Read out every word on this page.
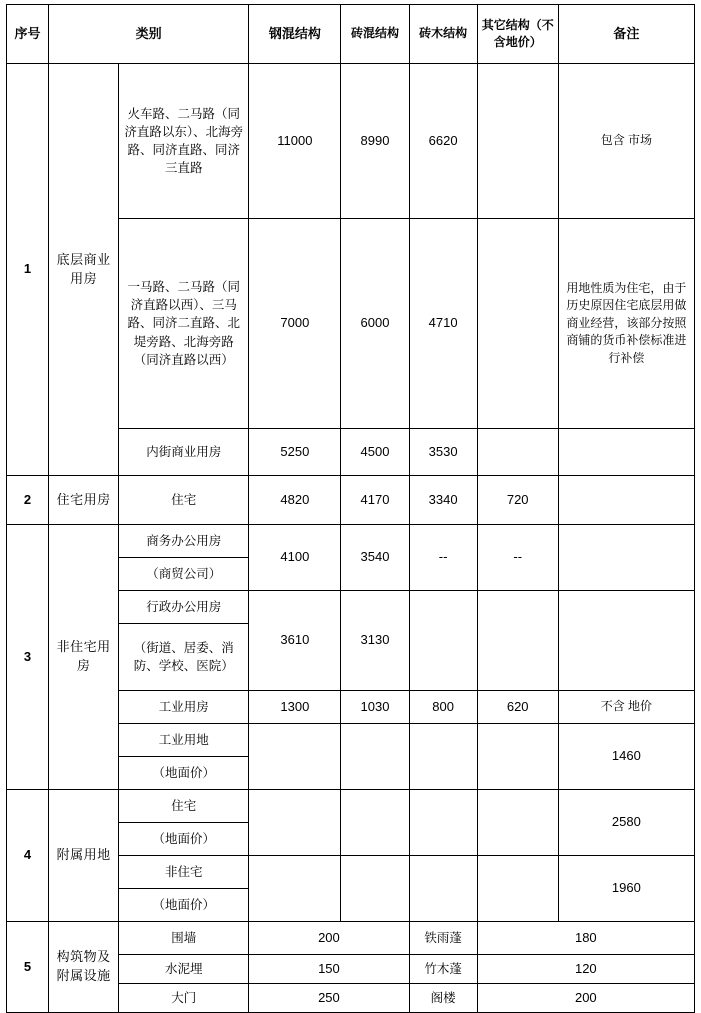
序号	类别		钢混结构	砖混结构	砖木结构	其它结构（不含地价）	备注
1	底层商业用房	火车路、二马路（同济直路以东）、北海旁路、同济直路、同济三直路	11000	8990	6620		包含 市场
		一马路、二马路（同济直路以西）、三马路、同济二直路、北堤旁路、北海旁路（同济直路以西）	7000	6000	4710		用地性质为住宅，由于历史原因住宅底层用做商业经营，该部分按照商铺的货币补偿标准进行补偿
		内街商业用房	5250	4500	3530		
2	住宅用房	住宅	4820	4170	3340	720	
3	非住宅用房	商务办公用房	4100	3540	--	--	
		（商贸公司）					
		行政办公用房	3610	3130			
		（街道、居委、消防、学校、医院）					
		工业用房	1300	1030	800	620	不含 地价
		工业用地					1460
		（地面价）					
4	附属用地	住宅					2580
		（地面价）					
		非住宅					1960
		（地面价）					
5	构筑物及附属设施	围墙	200		铁雨蓬	180	
		水泥埋	150		竹木蓬	120	
		大门	250		阁楼	200	
